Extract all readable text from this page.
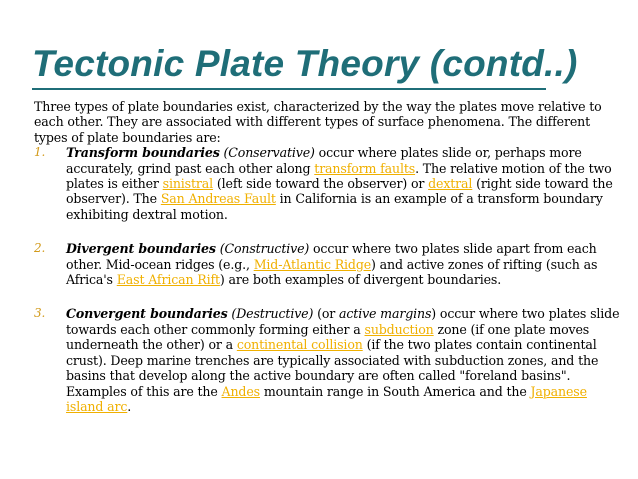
Tectonic Plate Theory (contd..)

Three types of plate boundaries exist, characterized by the way the plates move relative to each other. They are associated with different types of surface phenomena. The different types of plate boundaries are:

1. Transform boundaries (Conservative) occur where plates slide or, perhaps more accurately, grind past each other along transform faults. The relative motion of the two plates is either sinistral (left side toward the observer) or dextral (right side toward the observer). The San Andreas Fault in California is an example of a transform boundary exhibiting dextral motion.
2. Divergent boundaries (Constructive) occur where two plates slide apart from each other. Mid-ocean ridges (e.g., Mid-Atlantic Ridge) and active zones of rifting (such as Africa's East African Rift) are both examples of divergent boundaries.
3. Convergent boundaries (Destructive) (or active margins) occur where two plates slide towards each other commonly forming either a subduction zone (if one plate moves underneath the other) or a continental collision (if the two plates contain continental crust). Deep marine trenches are typically associated with subduction zones, and the basins that develop along the active boundary are often called "foreland basins". Examples of this are the Andes mountain range in South America and the Japanese island arc.
